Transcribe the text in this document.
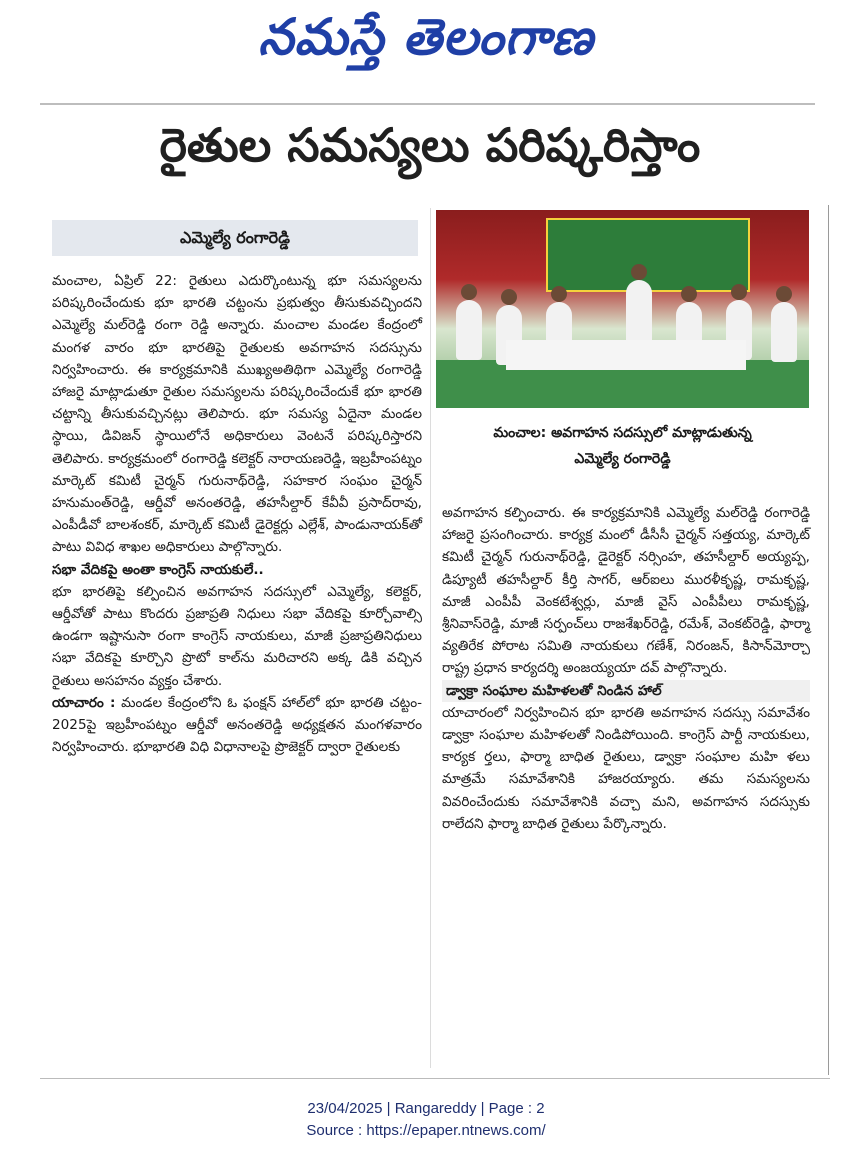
నమస్తే తెలంగాణ
రైతుల సమస్యలు పరిష్కరిస్తాం
ఎమ్మెల్యే రంగారెడ్డి
మంచాల: అవగాహన సదస్సులో మాట్లాడుతున్న
ఎమ్మెల్యే రంగారెడ్డి

మంచాల, ఏప్రిల్ 22: రైతులు ఎదుర్కొంటున్న భూ సమస్యలను పరిష్కరించేందుకు భూ భారతి చట్టంను ప్రభుత్వం తీసుకువచ్చిందని ఎమ్మెల్యే మల్‌రెడ్డి రంగా రెడ్డి అన్నారు. మంచాల మండల కేంద్రంలో మంగళ వారం భూ భారతిపై రైతులకు అవగాహన సదస్సును నిర్వహించారు. ఈ కార్యక్రమానికి ముఖ్యఅతిథిగా ఎమ్మెల్యే రంగారెడ్డి హాజరై మాట్లాడుతూ రైతుల సమస్యలను పరిష్కరించేందుకే భూ భారతి చట్టాన్ని తీసుకువచ్చినట్లు తెలిపారు. భూ సమస్య ఏదైనా మండల స్థాయి, డివిజన్ స్థాయిలోనే అధికారులు వెంటనే పరిష్కరిస్తారని తెలిపారు. కార్యక్రమంలో రంగారెడ్డి కలెక్టర్ నారాయణరెడ్డి, ఇబ్రహీంపట్నం మార్కెట్ కమిటీ చైర్మన్ గురునాథ్‌రెడ్డి, సహకార సంఘం చైర్మన్ హనుమంత్‌రెడ్డి, ఆర్డీవో అనంతరెడ్డి, తహసీల్దార్ కేవీవీ ప్రసాద్‌రావు, ఎంపీడీవో బాలశంకర్, మార్కెట్ కమిటీ డైరెక్టర్లు ఎల్లేశ్, పాండునాయక్‌తో పాటు వివిధ శాఖల అధికారులు పాల్గొన్నారు.

సభా వేదికపై అంతా కాంగ్రెస్ నాయకులే..

భూ భారతిపై కల్పించిన అవగాహన సదస్సులో ఎమ్మెల్యే, కలెక్టర్, ఆర్డీవోతో పాటు కొందరు ప్రజాప్రతి నిధులు సభా వేదికపై కూర్చోవాల్సి ఉండగా ఇష్టానుసా రంగా కాంగ్రెస్ నాయకులు, మాజీ ప్రజాప్రతినిధులు సభా వేదికపై కూర్చొని ప్రొటో కాల్‌ను మరిచారని అక్క డికి వచ్చిన రైతులు అసహనం వ్యక్తం చేశారు.

యాచారం : మండల కేంద్రంలోని ఓ ఫంక్షన్ హాల్‌లో భూ భారతి చట్టం- 2025పై ఇబ్రహీంపట్నం ఆర్డీవో అనంతరెడ్డి అధ్యక్షతన మంగళవారం నిర్వహించారు. భూభారతి విధి విధానాలపై ప్రొజెక్టర్ ద్వారా రైతులకు

అవగాహన కల్పించారు. ఈ కార్యక్రమానికి ఎమ్మెల్యే మల్‌రెడ్డి రంగారెడ్డి హాజరై ప్రసంగించారు. కార్యక్ర మంలో డీసీసీ చైర్మన్ సత్తయ్య, మార్కెట్ కమిటీ చైర్మన్ గురునాథ్‌రెడ్డి, డైరెక్టర్ నర్సింహ, తహసీల్దార్ అయ్యప్ప, డిప్యూటీ తహసీల్దార్ కీర్తి సాగర్, ఆర్ఐలు మురళీకృష్ణ, రామకృష్ణ, మాజీ ఎంపీపీ వెంకటేశ్వర్లు, మాజీ వైస్ ఎంపీపీలు రామకృష్ణ, శ్రీనివాస్‌రెడ్డి, మాజీ సర్పంచ్‌లు రాజశేఖర్‌రెడ్డి, రమేశ్, వెంకట్‌రెడ్డి, ఫార్మా వ్యతిరేక పోరాట సమితి నాయకులు గణేశ్, నిరంజన్, కిసాన్‌మోర్చా రాష్ట్ర ప్రధాన కార్యదర్శి అంజయ్యయా దవ్ పాల్గొన్నారు.

డ్వాక్రా సంఘాల మహిళలతో నిండిన హాల్

యాచారంలో నిర్వహించిన భూ భారతి అవగాహన సదస్సు సమావేశం డ్వాక్రా సంఘాల మహిళలతో నిండిపోయింది. కాంగ్రెస్ పార్టీ నాయకులు, కార్యక ర్తలు, ఫార్మా బాధిత రైతులు, డ్వాక్రా సంఘాల మహి ళలు మాత్రమే సమావేశానికి హాజరయ్యారు. తమ సమస్యలను వివరించేందుకు సమావేశానికి వచ్చా మని, అవగాహన సదస్సుకు రాలేదని ఫార్మా బాధిత రైతులు పేర్కొన్నారు.

23/04/2025 | Rangareddy | Page : 2
Source : https://epaper.ntnews.com/
